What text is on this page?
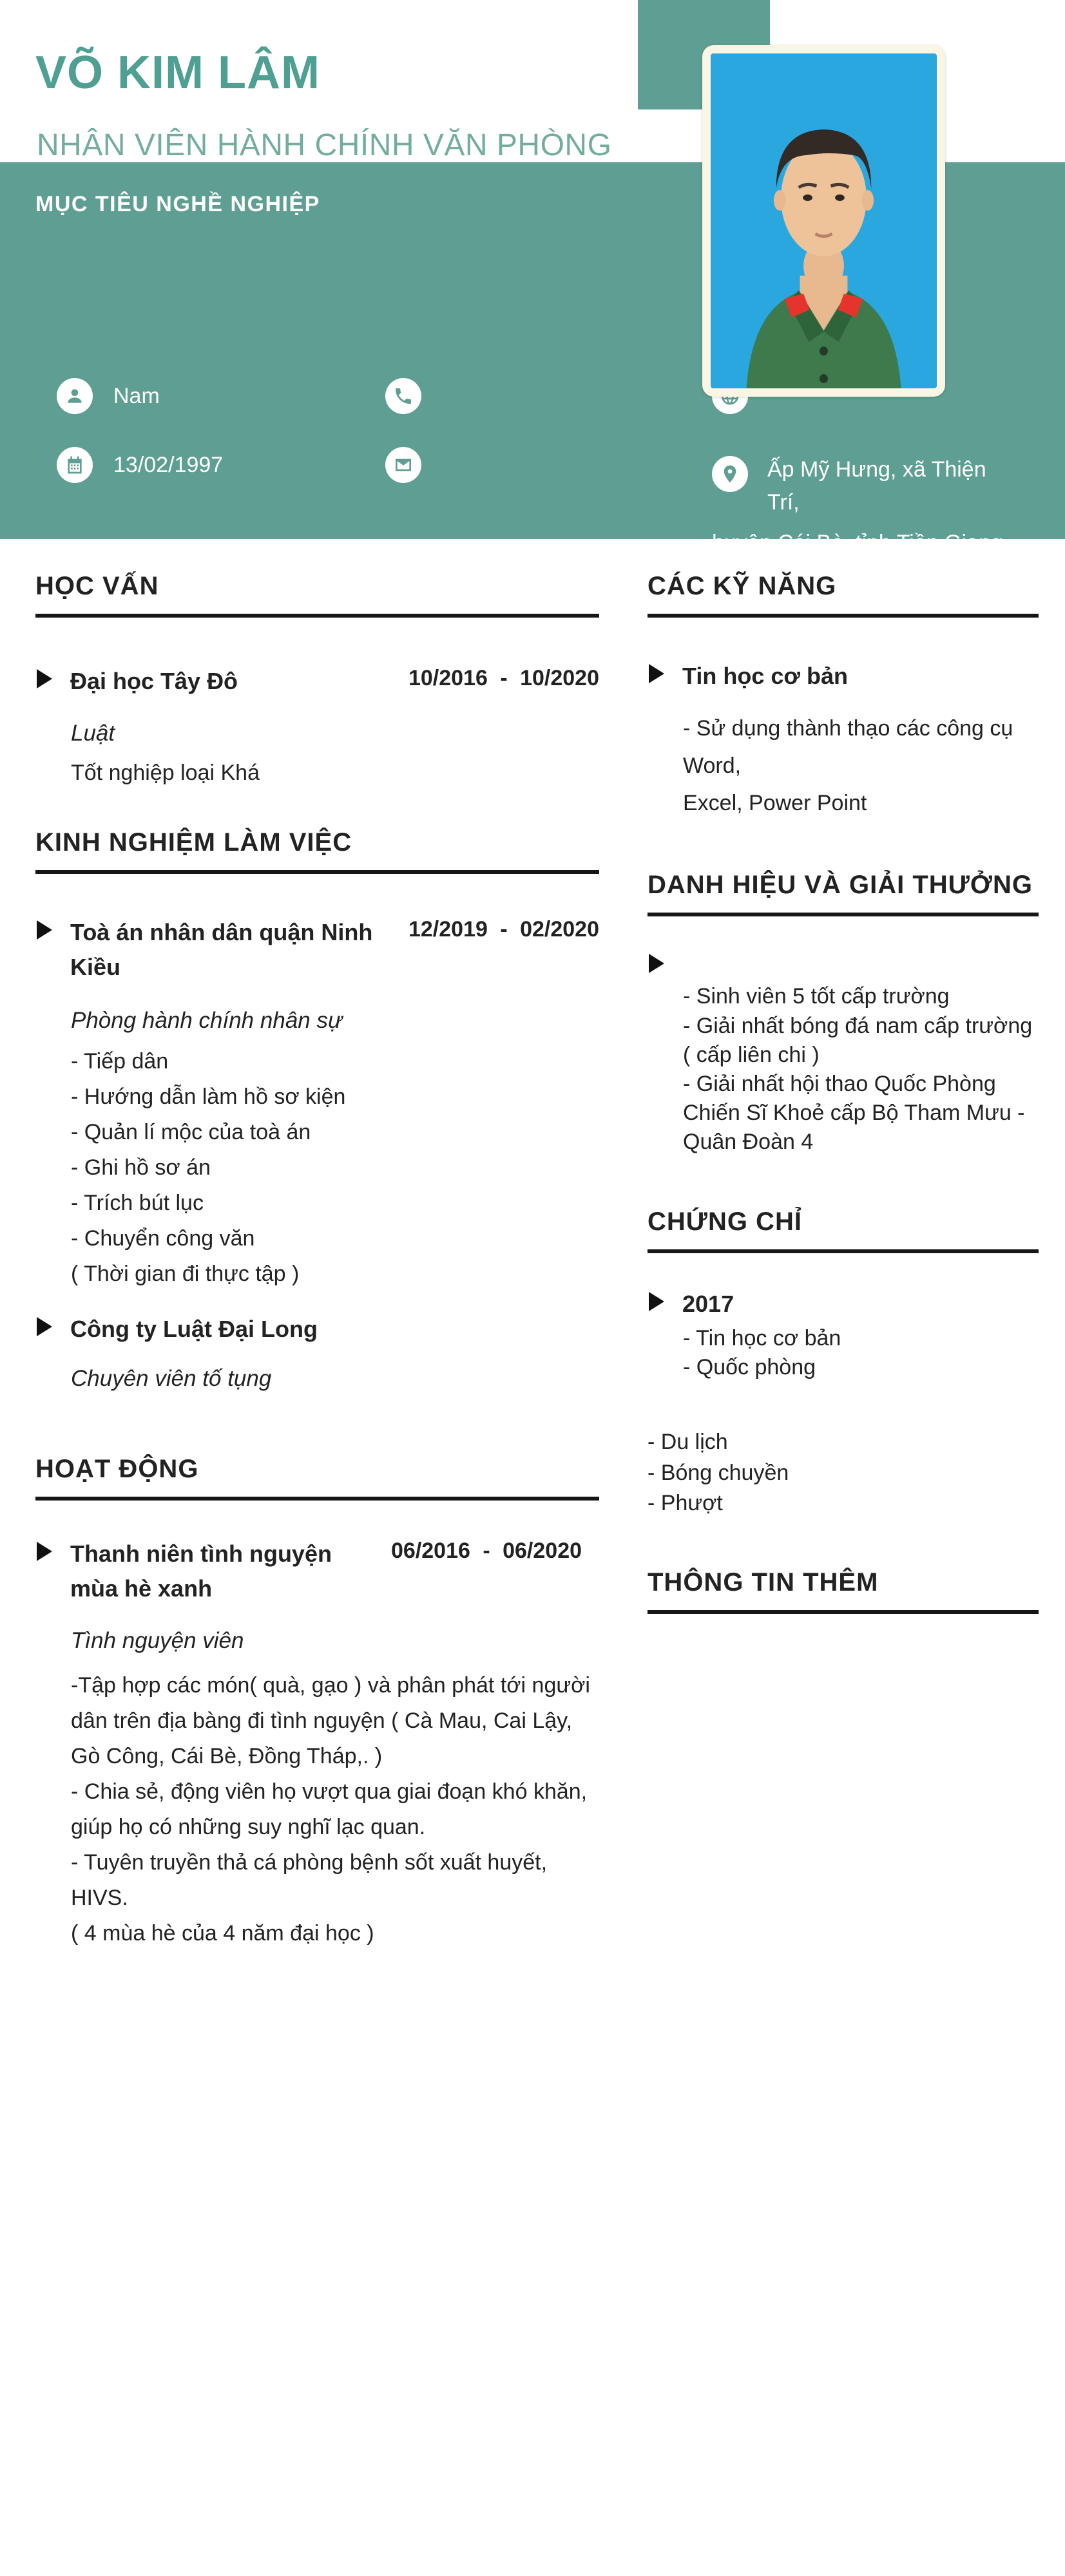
VÕ KIM LÂM
NHÂN VIÊN HÀNH CHÍNH VĂN PHÒNG
MỤC TIÊU NGHỀ NGHIỆP
Nam
13/02/1997	Ấp Mỹ Hưng, xã Thiện Trí,
huyện Cái Bè, tỉnh Tiền Giang
HỌC VẤN
Đại học Tây Đô	10/2016 - 10/2020
Luật
Tốt nghiệp loại Khá
KINH NGHIỆM LÀM VIỆC
Toà án nhân dân quận Ninh Kiều
12/2019 - 02/2020
Phòng hành chính nhân sự
- Tiếp dân
- Hướng dẫn làm hồ sơ kiện
- Quản lí mộc của toà án
- Ghi hồ sơ án
- Trích bút lục
- Chuyển công văn
( Thời gian đi thực tập )
Công ty Luật Đại Long
Chuyên viên tố tụng
HOẠT ĐỘNG
Thanh niên tình nguyện mùa hè xanh
06/2016 - 06/2020
Tình nguyện viên
-Tập hợp các món( quà, gạo ) và phân phát tới người dân trên địa bàng đi tình nguyện ( Cà Mau, Cai Lậy, Gò Công, Cái Bè, Đồng Tháp,. )
- Chia sẻ, động viên họ vượt qua giai đoạn khó khăn, giúp họ có những suy nghĩ lạc quan.
- Tuyên truyền thả cá phòng bệnh sốt xuất huyết, HIVS.
( 4 mùa hè của 4 năm đại học )
CÁC KỸ NĂNG
Tin học cơ bản
- Sử dụng thành thạo các công cụ Word,
Excel, Power Point
DANH HIỆU VÀ GIẢI THƯỞNG
- Sinh viên 5 tốt cấp trường
- Giải nhất bóng đá nam cấp trường ( cấp liên chi )
- Giải nhất hội thao Quốc Phòng Chiến Sĩ Khoẻ cấp Bộ Tham Mưu - Quân Đoàn 4
CHỨNG CHỈ
2017
- Tin học cơ bản
- Quốc phòng
- Du lịch
- Bóng chuyền
- Phượt
THÔNG TIN THÊM
